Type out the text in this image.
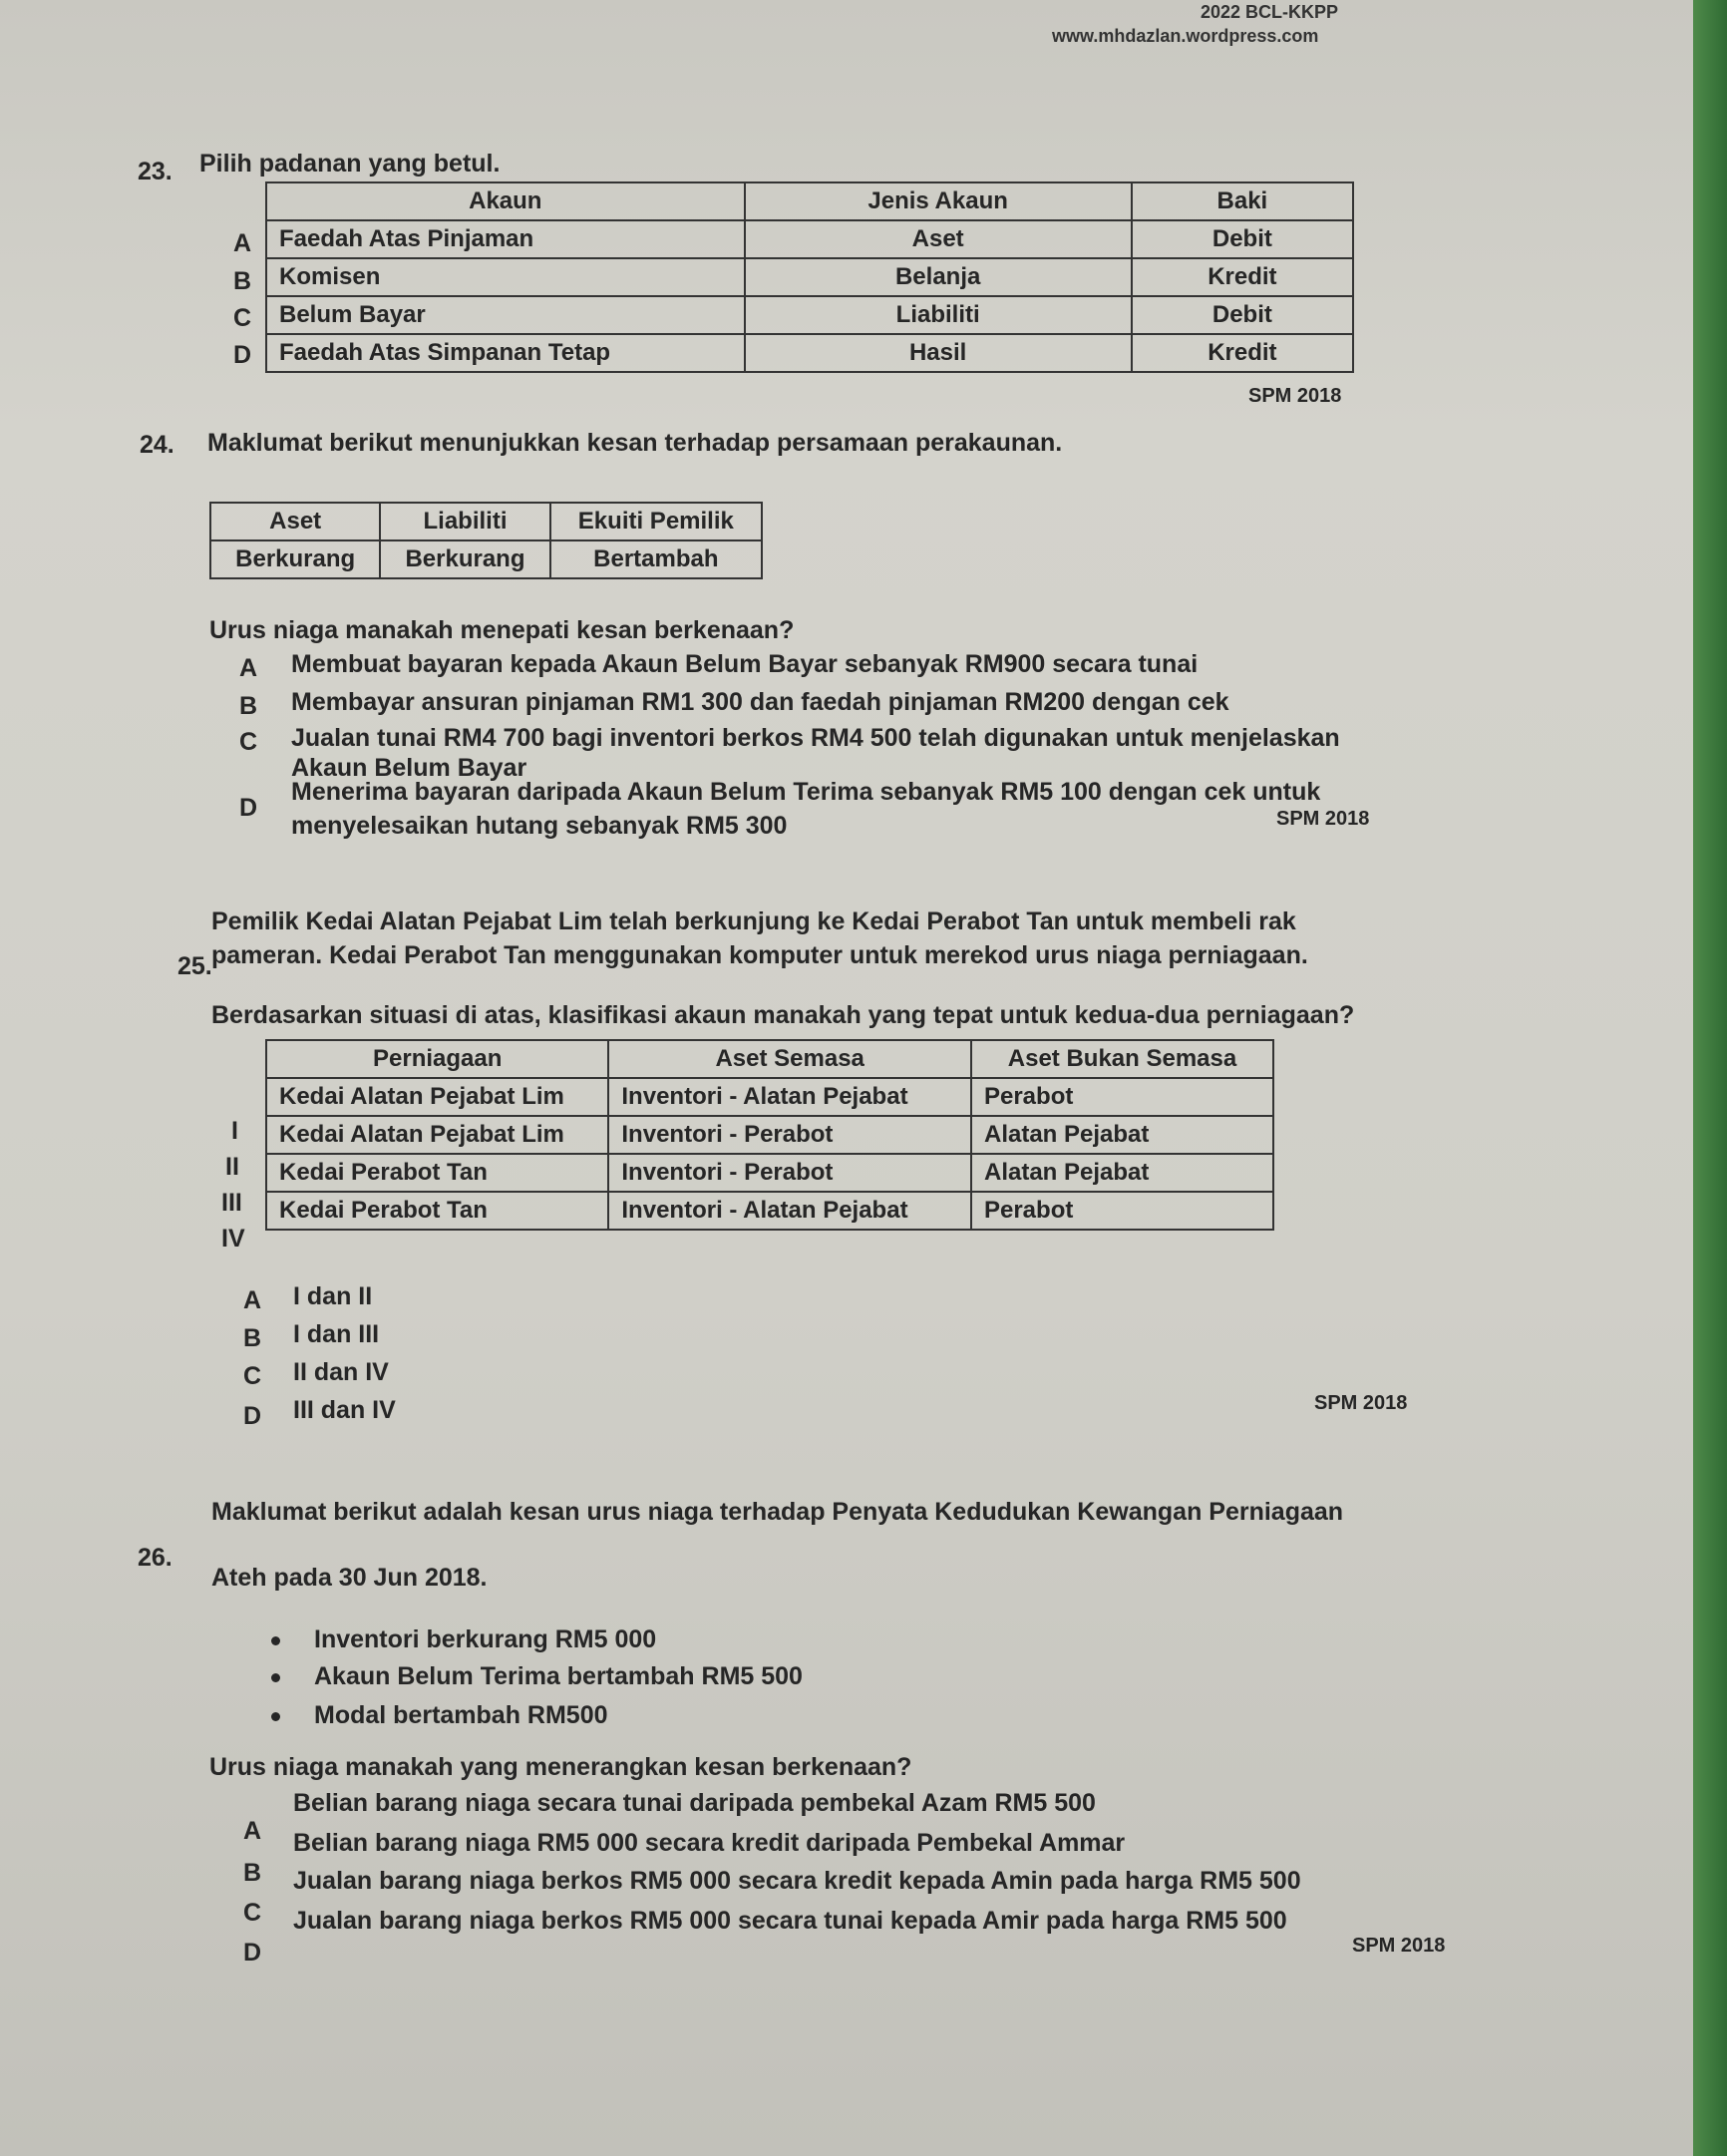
2022 BCL-KKPP
www.mhdazlan.wordpress.com
23. Pilih padanan yang betul.
A
B
C
D
Akaun	Jenis Akaun	Baki
Faedah Atas Pinjaman	Aset	Debit
Komisen	Belanja	Kredit
Belum Bayar	Liabiliti	Debit
Faedah Atas Simpanan Tetap	Hasil	Kredit
SPM 2018
24. Maklumat berikut menunjukkan kesan terhadap persamaan perakaunan.
Aset	Liabiliti	Ekuiti Pemilik
Berkurang	Berkurang	Bertambah
Urus niaga manakah menepati kesan berkenaan?
A Membuat bayaran kepada Akaun Belum Bayar sebanyak RM900 secara tunai
B Membayar ansuran pinjaman RM1 300 dan faedah pinjaman RM200 dengan cek
C Jualan tunai RM4 700 bagi inventori berkos RM4 500 telah digunakan untuk menjelaskan
Akaun Belum Bayar
D
Menerima bayaran daripada Akaun Belum Terima sebanyak RM5 100 dengan cek untuk
menyelesaikan hutang sebanyak RM5 300	SPM 2018
25.
Pemilik Kedai Alatan Pejabat Lim telah berkunjung ke Kedai Perabot Tan untuk membeli rak
pameran. Kedai Perabot Tan menggunakan komputer untuk merekod urus niaga perniagaan.
Berdasarkan situasi di atas, klasifikasi akaun manakah yang tepat untuk kedua-dua perniagaan?
I
II
III
IV
Perniagaan	Aset Semasa	Aset Bukan Semasa
Kedai Alatan Pejabat Lim	Inventori - Alatan Pejabat	Perabot
Kedai Alatan Pejabat Lim	Inventori - Perabot	Alatan Pejabat
Kedai Perabot Tan	Inventori - Perabot	Alatan Pejabat
Kedai Perabot Tan	Inventori - Alatan Pejabat	Perabot
A I dan II
B I dan III
C II dan IV
D III dan IV	SPM 2018
26.
Maklumat berikut adalah kesan urus niaga terhadap Penyata Kedudukan Kewangan Perniagaan
Ateh pada 30 Jun 2018.
Inventori berkurang RM5 000
Akaun Belum Terima bertambah RM5 500
Modal bertambah RM500
Urus niaga manakah yang menerangkan kesan berkenaan?
A
Belian barang niaga secara tunai daripada pembekal Azam RM5 500
B
Belian barang niaga RM5 000 secara kredit daripada Pembekal Ammar
C
Jualan barang niaga berkos RM5 000 secara kredit kepada Amin pada harga RM5 500
D
Jualan barang niaga berkos RM5 000 secara tunai kepada Amir pada harga RM5 500
SPM 2018
